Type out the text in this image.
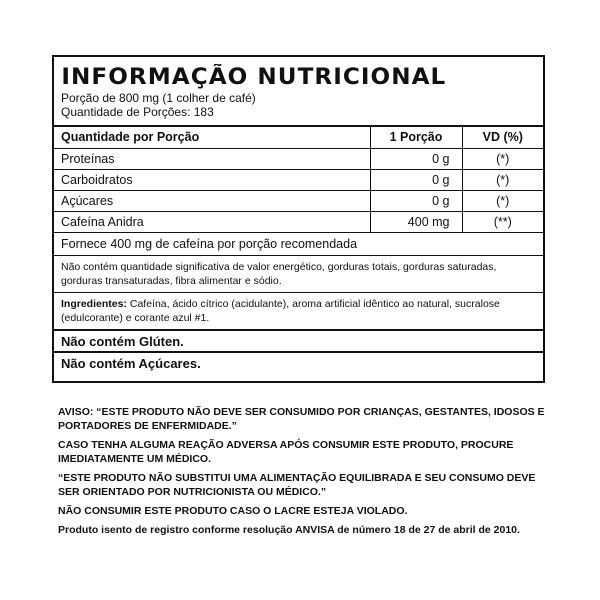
INFORMAÇÃO NUTRICIONAL
Porção de 800 mg (1 colher de café)
Quantidade de Porções: 183
Quantidade por Porção	1 Porção	VD (%)
Proteínas	0 g	(*)
Carboidratos	0 g	(*)
Açúcares	0 g	(*)
Cafeína Anidra	400 mg	(**)
Fornece 400 mg de cafeína por porção recomendada
Não contém quantidade significativa de valor energético, gorduras totais, gorduras saturadas, gorduras transaturadas, fibra alimentar e sódio.
Ingredientes: Cafeína, ácido cítrico (acidulante), aroma artificial idêntico ao natural, sucralose (edulcorante) e corante azul #1.
Não contém Glúten.
Não contém Açúcares.

AVISO: “ESTE PRODUTO NÃO DEVE SER CONSUMIDO POR CRIANÇAS, GESTANTES, IDOSOS E PORTADORES DE ENFERMIDADE.”

CASO TENHA ALGUMA REAÇÃO ADVERSA APÓS CONSUMIR ESTE PRODUTO, PROCURE IMEDIATAMENTE UM MÉDICO.

“ESTE PRODUTO NÃO SUBSTITUI UMA ALIMENTAÇÃO EQUILIBRADA E SEU CONSUMO DEVE SER ORIENTADO POR NUTRICIONISTA OU MÉDICO.”

NÃO CONSUMIR ESTE PRODUTO CASO O LACRE ESTEJA VIOLADO.

Produto isento de registro conforme resolução ANVISA de número 18 de 27 de abril de 2010.
